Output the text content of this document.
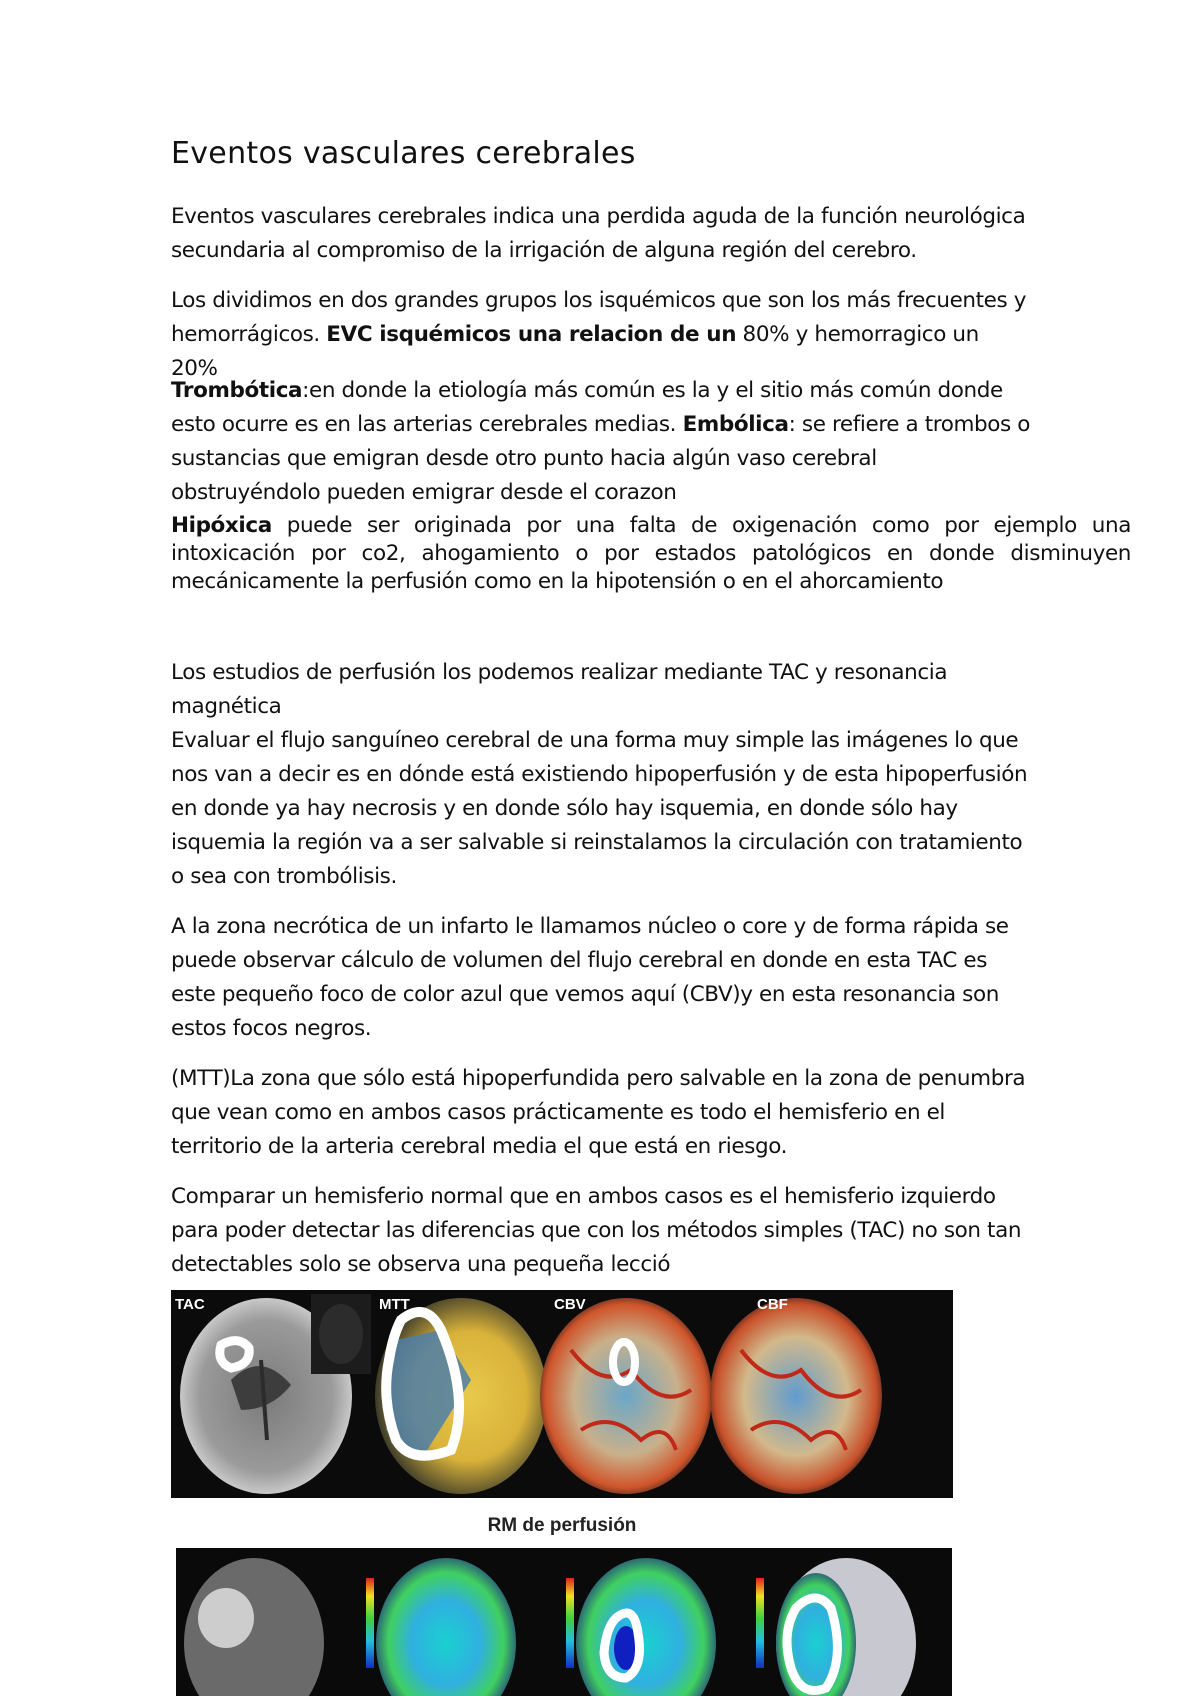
Eventos vasculares cerebrales

Eventos vasculares cerebrales indica una perdida aguda de la función neurológica secundaria al compromiso de la irrigación de alguna región del cerebro.

Los dividimos en dos grandes grupos los isquémicos que son los más frecuentes y hemorrágicos. EVC isquémicos una relacion de un 80% y hemorragico un 20%

Trombótica:en donde la etiología más común es la y el sitio más común donde esto ocurre es en las arterias cerebrales medias. Embólica: se refiere a trombos o sustancias que emigran desde otro punto hacia algún vaso cerebral obstruyéndolo pueden emigrar desde el corazon

Hipóxica puede ser originada por una falta de oxigenación como por ejemplo una intoxicación por co2, ahogamiento o por estados patológicos en donde disminuyen mecánicamente la perfusión como en la hipotensión o en el ahorcamiento

Los estudios de perfusión los podemos realizar mediante TAC y resonancia magnética

Evaluar el flujo sanguíneo cerebral de una forma muy simple las imágenes lo que nos van a decir es en dónde está existiendo hipoperfusión y de esta hipoperfusión en donde ya hay necrosis y en donde sólo hay isquemia, en donde sólo hay isquemia la región va a ser salvable si reinstalamos la circulación con tratamiento o sea con trombólisis.

A la zona necrótica de un infarto le llamamos núcleo o core y de forma rápida se puede observar cálculo de volumen del flujo cerebral en donde en esta TAC es este pequeño foco de color azul que vemos aquí (CBV)y en esta resonancia son estos focos negros.

(MTT)La zona que sólo está hipoperfundida pero salvable en la zona de penumbra que vean como en ambos casos prácticamente es todo el hemisferio en el territorio de la arteria cerebral media el que está en riesgo.

Comparar un hemisferio normal que en ambos casos es el hemisferio izquierdo para poder detectar las diferencias que con los métodos simples (TAC) no son tan detectables solo se observa una pequeña lecció

TAC	MTT	CBV	CBF
RM de perfusión
